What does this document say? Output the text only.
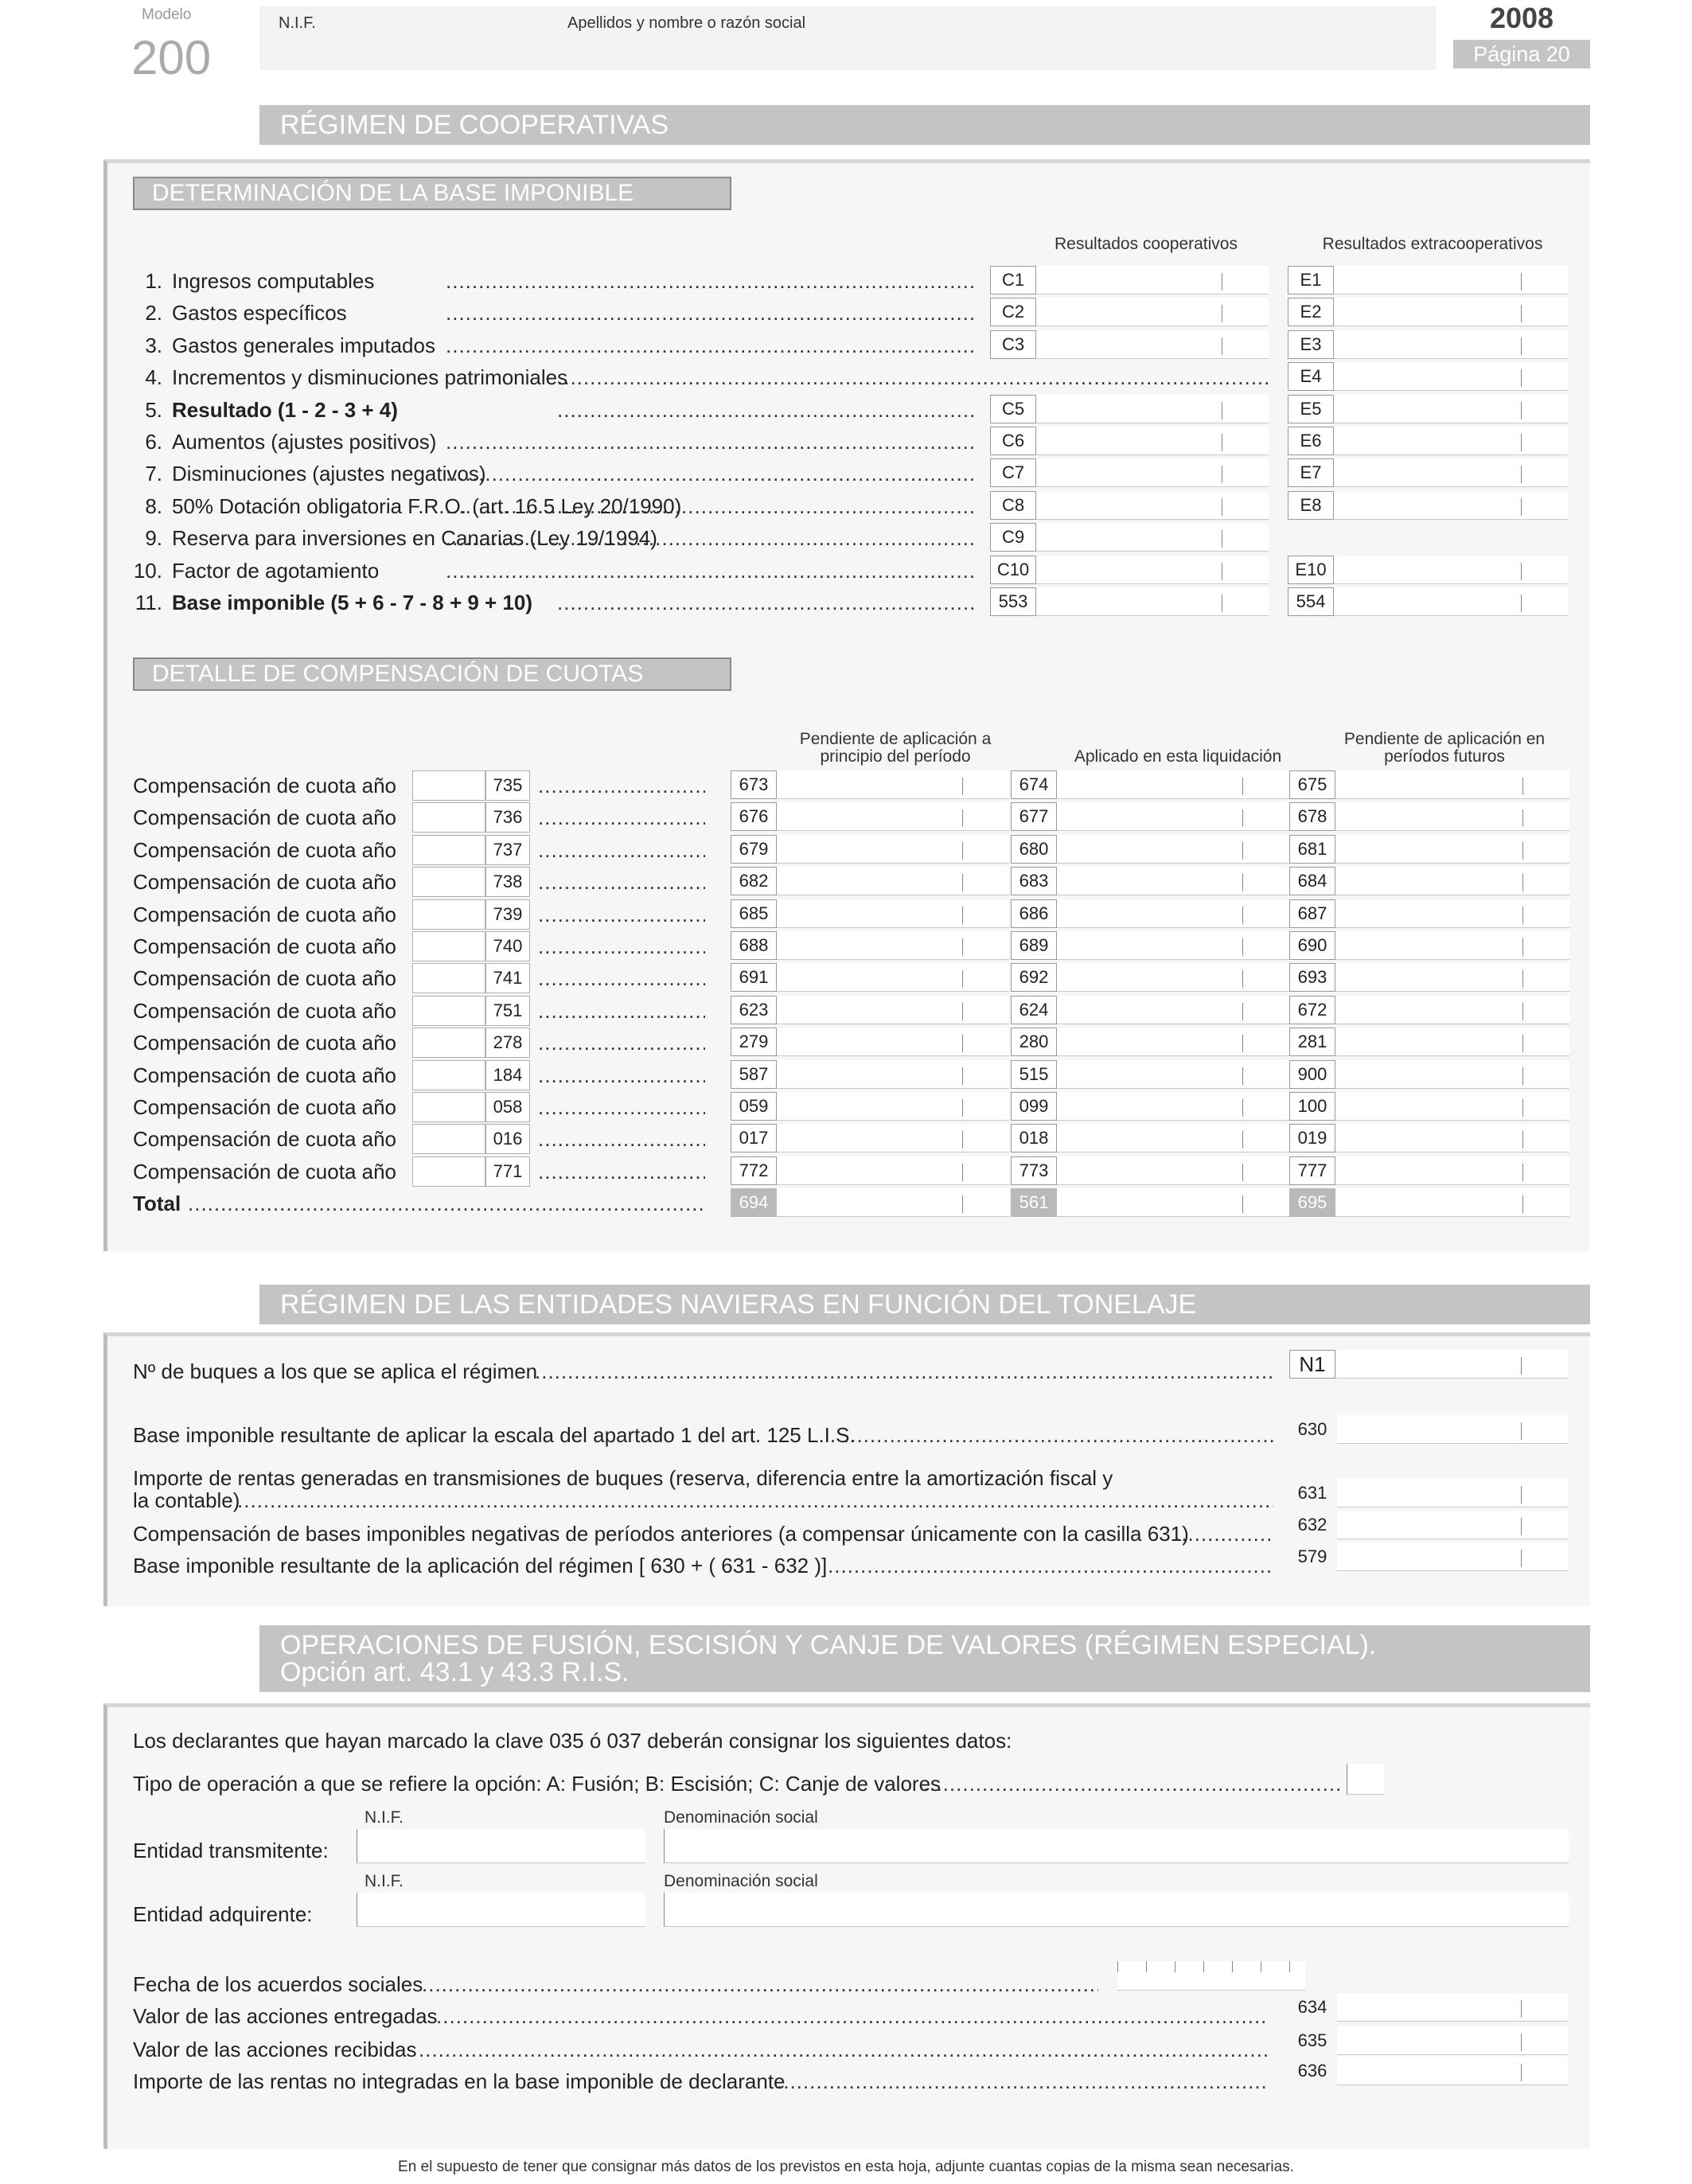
Modelo
200
N.I.F.	Apellidos y nombre o razón social	2008
Página 20
RÉGIMEN DE COOPERATIVAS
DETERMINACIÓN DE LA BASE IMPONIBLE
Resultados cooperativos	Resultados extracooperativos
1. Ingresos computables .....	C1	E1
2. Gastos específicos .....	C2	E2
3. Gastos generales imputados .....	C3	E3
4. Incrementos y disminuciones patrimoniales .....	E4
5. Resultado (1 - 2 - 3 + 4) .....	C5	E5
6. Aumentos (ajustes positivos) .....	C6	E6
7. Disminuciones (ajustes negativos) .....	C7	E7
8. 50% Dotación obligatoria F.R.O. (art. 16.5 Ley 20/1990) .....	C8	E8
9. Reserva para inversiones en Canarias (Ley 19/1994) .....	C9
10. Factor de agotamiento .....	C10	E10
11. Base imponible (5 + 6 - 7 - 8 + 9 + 10) .....	553	554
DETALLE DE COMPENSACIÓN DE CUOTAS
Pendiente de aplicación a principio del período	Aplicado en esta liquidación
Pendiente de aplicación en períodos futuros
Compensación de cuota año .....	735	673	674	675
Compensación de cuota año .....	736	676	677	678
Compensación de cuota año .....	737	679	680	681
Compensación de cuota año .....	738	682	683	684
Compensación de cuota año .....	739	685	686	687
Compensación de cuota año .....	740	688	689	690
Compensación de cuota año .....	741	691	692	693
Compensación de cuota año .....	751	623	624	672
Compensación de cuota año .....	278	279	280	281
Compensación de cuota año .....	184	587	515	900
Compensación de cuota año .....	058	059	099	100
Compensación de cuota año .....	016	017	018	019
Compensación de cuota año .....	771	772	773	777
Total .....	694	561	695
RÉGIMEN DE LAS ENTIDADES NAVIERAS EN FUNCIÓN DEL TONELAJE
Nº de buques a los que se aplica el régimen .....	N1
Base imponible resultante de aplicar la escala del apartado 1 del art. 125 L.I.S. .....	630
Importe de rentas generadas en transmisiones de buques (reserva, diferencia entre la amortización fiscal y
la contable) .....	631
Compensación de bases imponibles negativas de períodos anteriores (a compensar únicamente con la casilla 631) .....	632
Base imponible resultante de la aplicación del régimen [ 630 + ( 631 - 632 )] .....	579
OPERACIONES DE FUSIÓN, ESCISIÓN Y CANJE DE VALORES (RÉGIMEN ESPECIAL).
Opción art. 43.1 y 43.3 R.I.S.
Los declarantes que hayan marcado la clave 035 ó 037 deberán consignar los siguientes datos:
Tipo de operación a que se refiere la opción: A: Fusión; B: Escisión; C: Canje de valores
.....
N.I.F.	Denominación social
Entidad transmitente:
N.I.F.	Denominación social
Entidad adquirente:
Fecha de los acuerdos sociales
.....
Valor de las acciones entregadas .....	634
Valor de las acciones recibidas .....	635
Importe de las rentas no integradas en la base imponible de declarante .....	636
En el supuesto de tener que consignar más datos de los previstos en esta hoja, adjunte cuantas copias de la misma sean necesarias.
